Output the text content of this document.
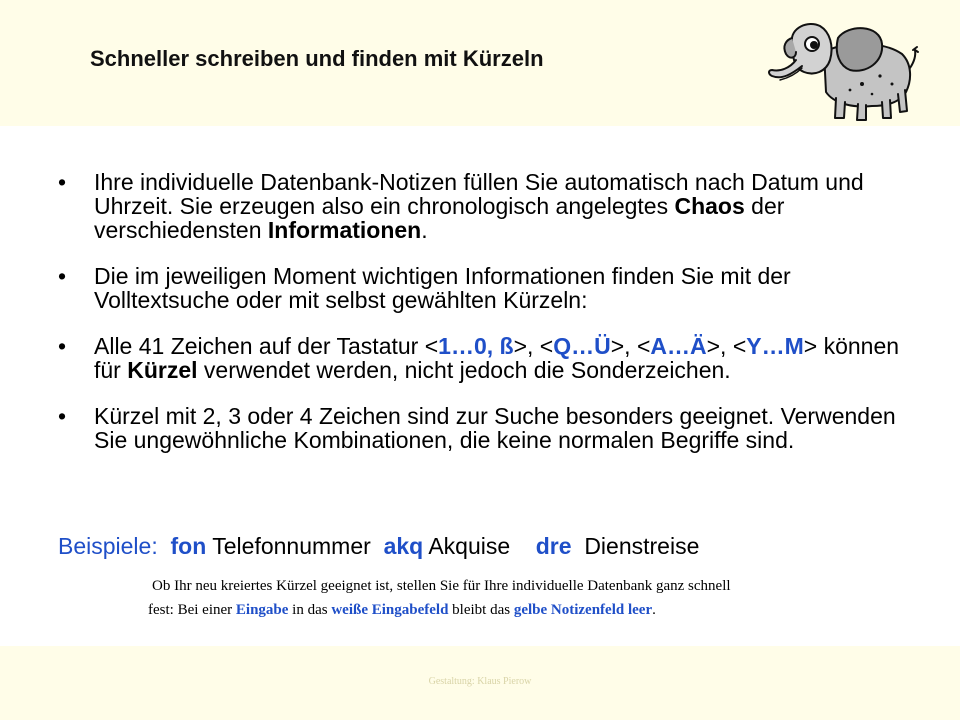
Schneller schreiben und finden mit Kürzeln
• Ihre individuelle Datenbank-Notizen füllen Sie automatisch nach Datum und Uhrzeit. Sie erzeugen also ein chronologisch angelegtes Chaos der verschiedensten Informationen.
• Die im jeweiligen Moment wichtigen Informationen finden Sie mit der Volltextsuche oder mit selbst gewählten Kürzeln:
• Alle 41 Zeichen auf der Tastatur <1…0, ß>, <Q…Ü>, <A…Ä>, <Y…M> können für Kürzel verwendet werden, nicht jedoch die Sonderzeichen.
• Kürzel mit 2, 3 oder 4 Zeichen sind zur Suche besonders geeignet. Verwenden Sie ungewöhnliche Kombinationen, die keine normalen Begriffe sind.
Beispiele: fon Telefonnummer akq Akquise dre Dienstreise
Ob Ihr neu kreiertes Kürzel geeignet ist, stellen Sie für Ihre individuelle Datenbank ganz schnell
fest: Bei einer Eingabe in das weiße Eingabefeld bleibt das gelbe Notizenfeld leer.
Gestaltung: Klaus Pierow
